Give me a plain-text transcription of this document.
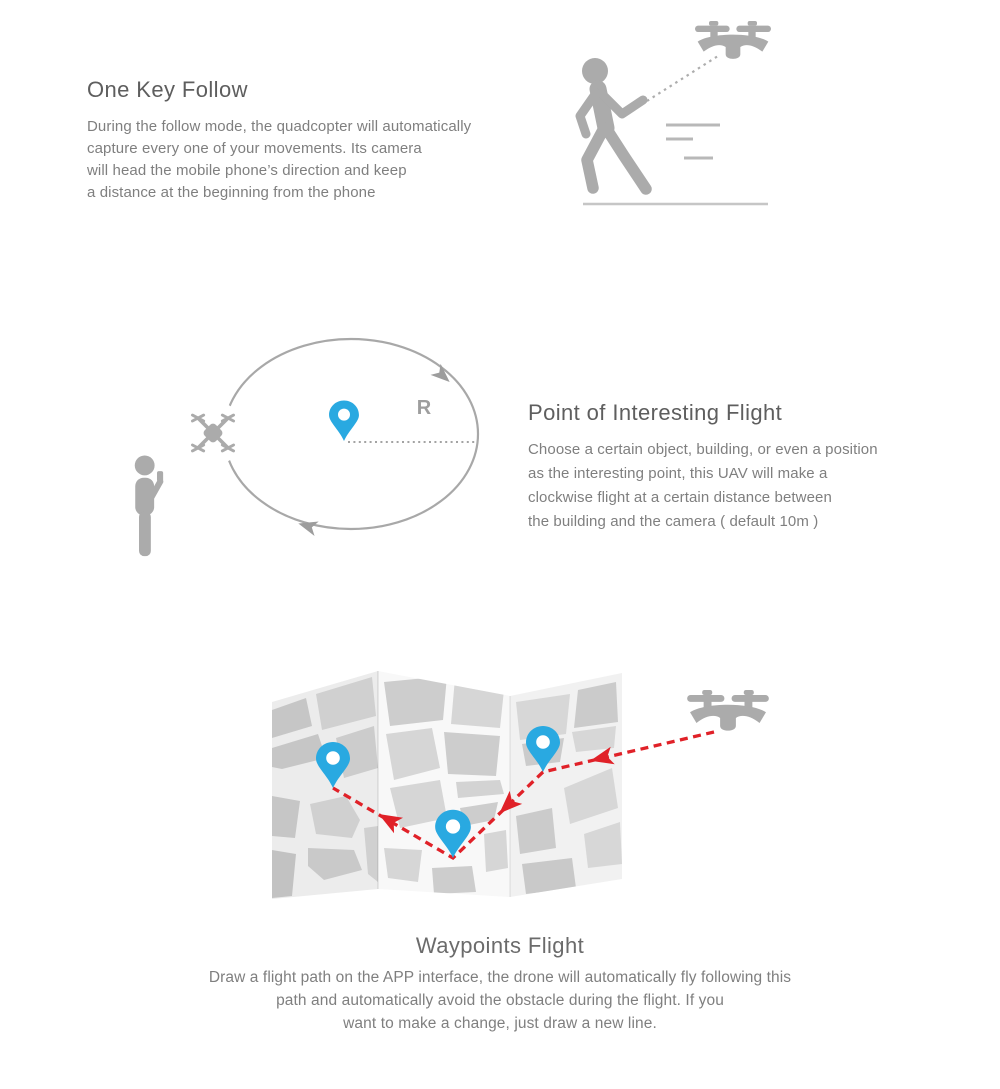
One Key Follow
During the follow mode, the quadcopter will automatically
capture every one of your movements. Its camera
will head the mobile phone’s direction and keep
a distance at the beginning from the phone
R	Point of Interesting Flight
Choose a certain object, building, or even a position
as the interesting point, this UAV will make a
clockwise flight at a certain distance between
the building and the camera ( default 10m )
Waypoints Flight
Draw a flight path on the APP interface, the drone will automatically fly following this
path and automatically avoid the obstacle during the flight. If you
want to make a change, just draw a new line.
